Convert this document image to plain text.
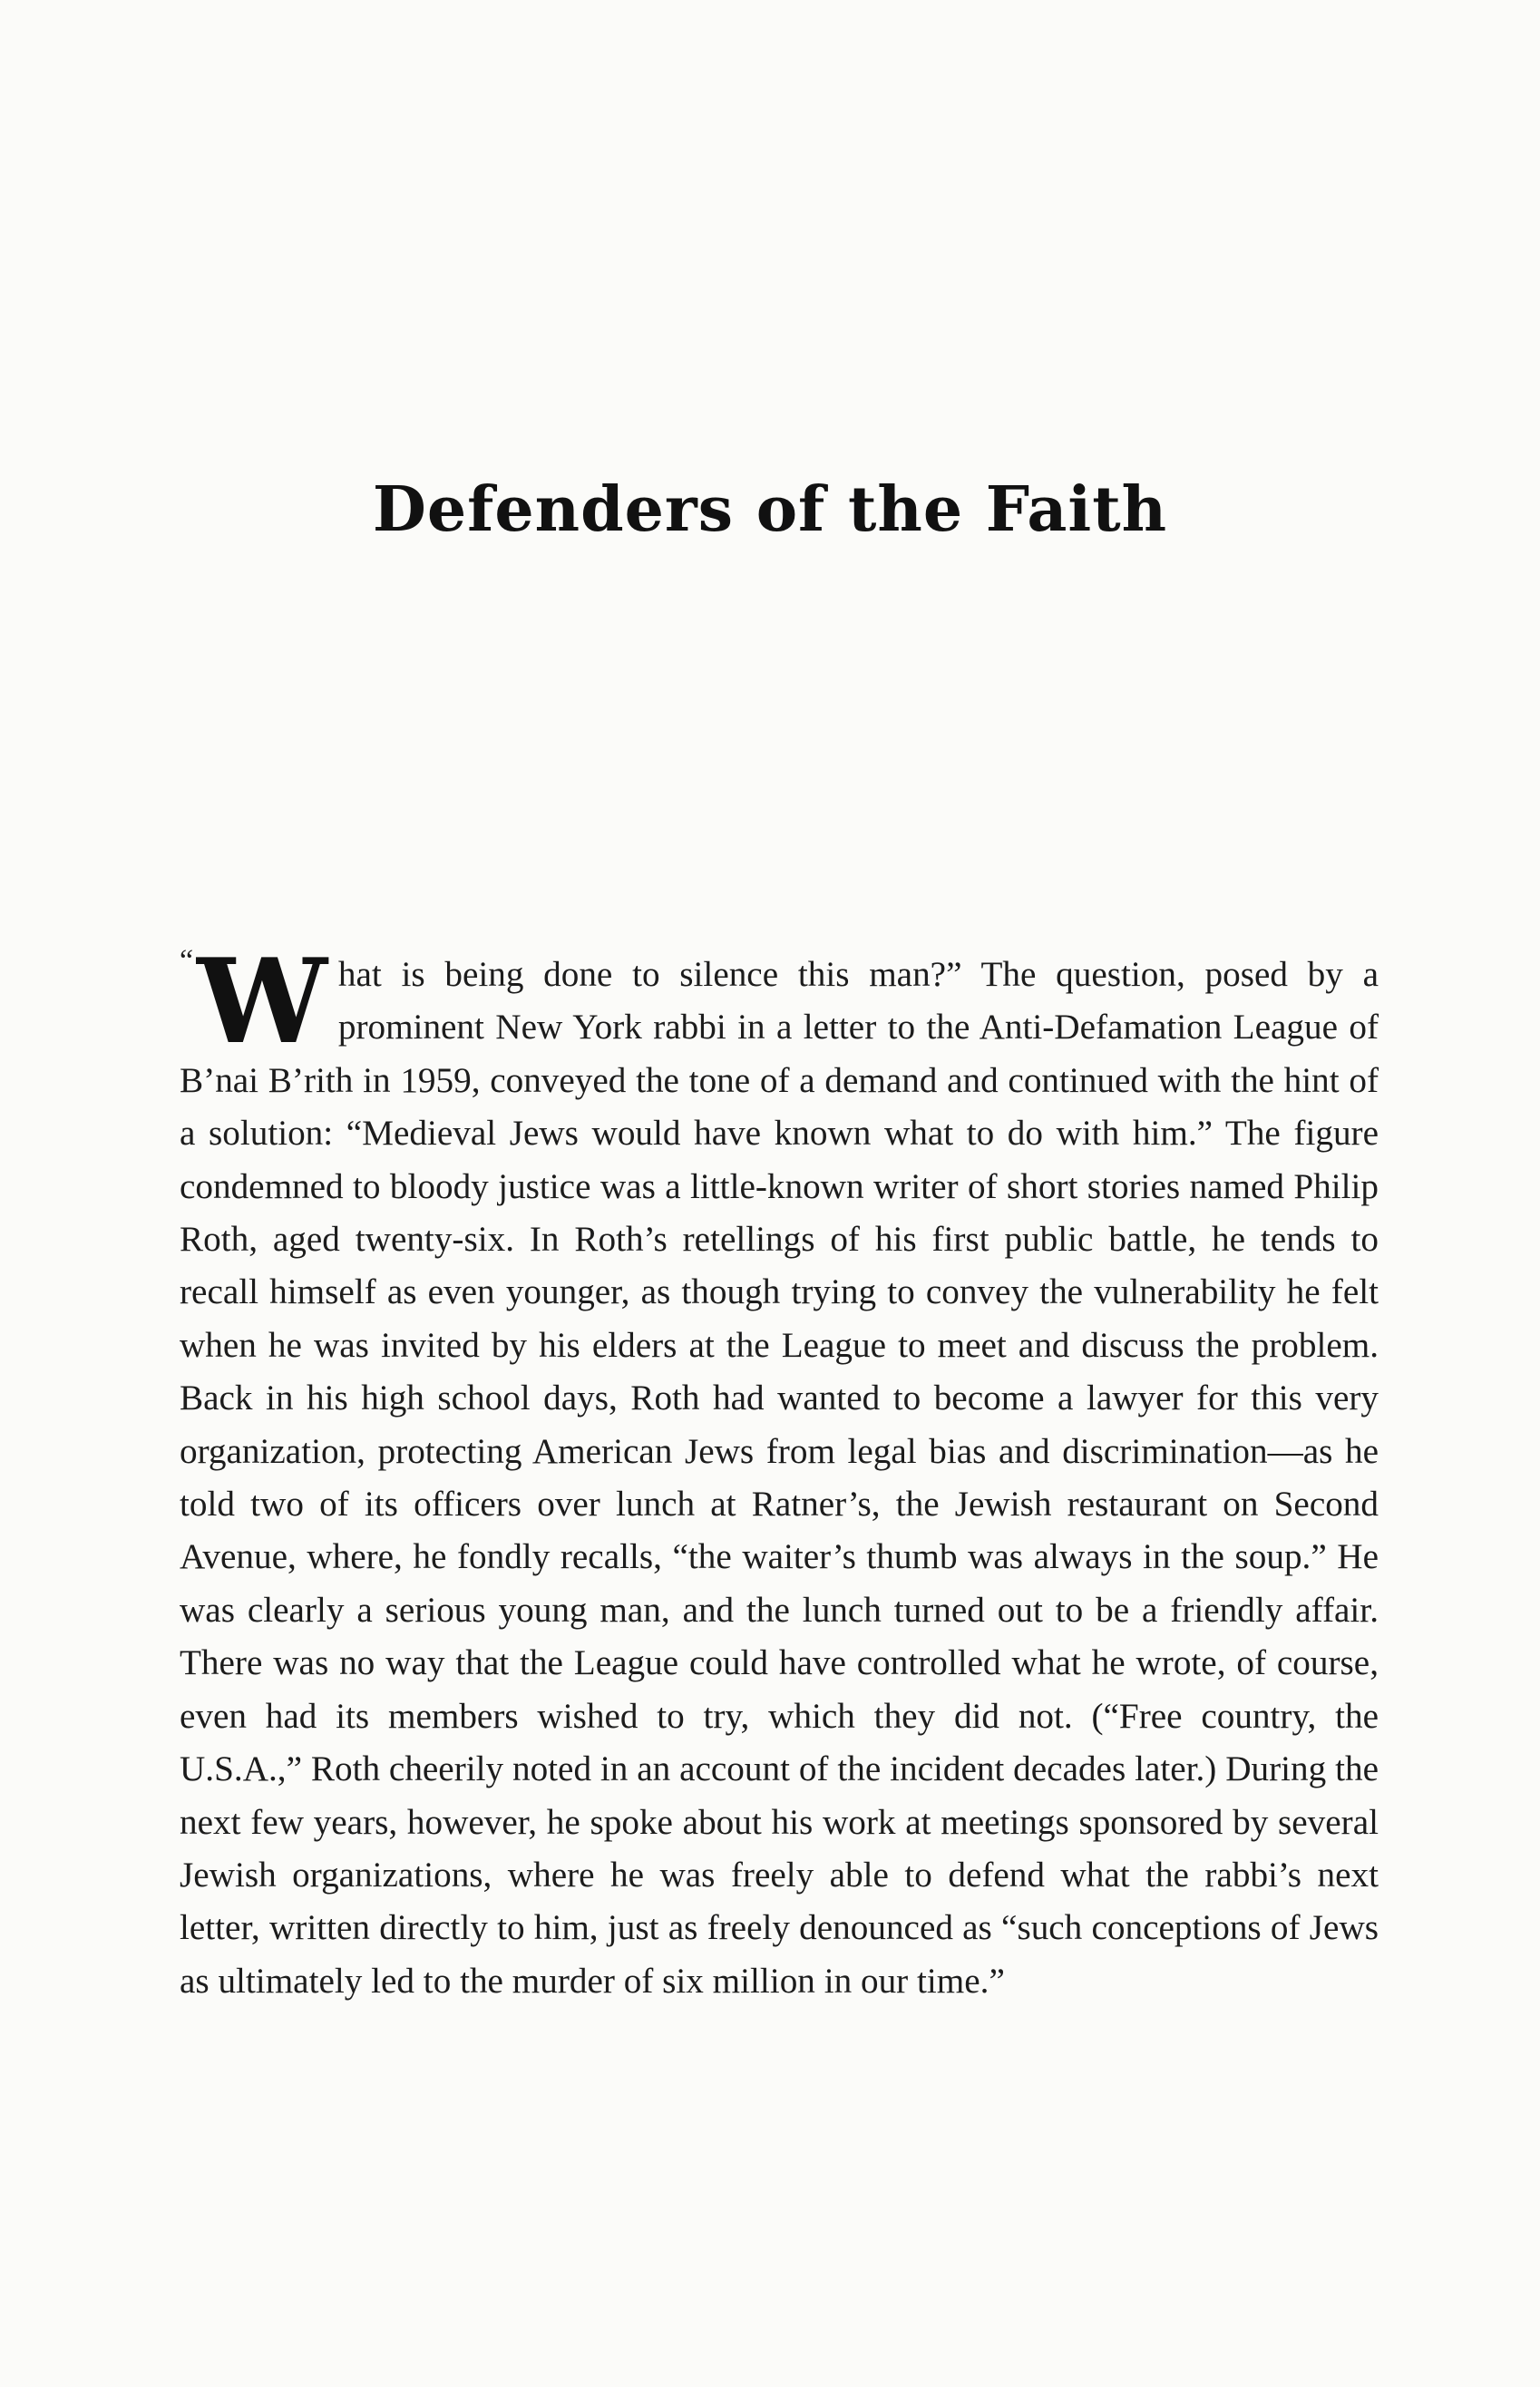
Defenders of the Faith

“ W hat is being done to silence this man?” The question, posed by a prominent New York rabbi in a letter to the Anti-Defamation League of B’nai B’rith in 1959, conveyed the tone of a demand and continued with the hint of a solution: “Medieval Jews would have known what to do with him.” The figure condemned to bloody justice was a little-known writer of short stories named Philip Roth, aged twenty-six. In Roth’s retellings of his first public battle, he tends to recall himself as even younger, as though trying to convey the vulnerability he felt when he was invited by his elders at the League to meet and discuss the problem. Back in his high school days, Roth had wanted to become a lawyer for this very organization, protecting American Jews from legal bias and discrimination—as he told two of its officers over lunch at Ratner’s, the Jewish restaurant on Second Avenue, where, he fondly recalls, “the waiter’s thumb was always in the soup.” He was clearly a serious young man, and the lunch turned out to be a friendly affair. There was no way that the League could have controlled what he wrote, of course, even had its members wished to try, which they did not. (“Free country, the U.S.A.,” Roth cheerily noted in an account of the incident decades later.) During the next few years, however, he spoke about his work at meetings sponsored by several Jewish organizations, where he was freely able to defend what the rabbi’s next letter, written directly to him, just as freely denounced as “such conceptions of Jews as ultimately led to the murder of six million in our time.”
